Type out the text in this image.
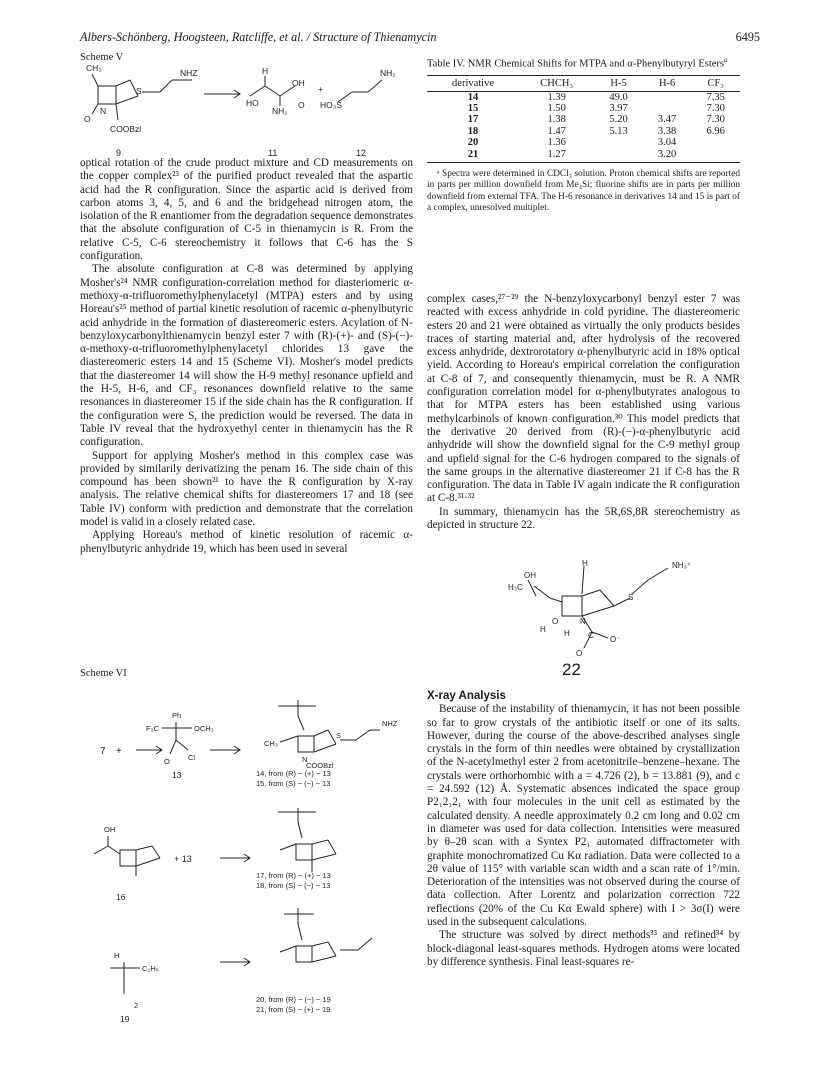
Albers-Schönberg, Hoogsteen, Ratcliffe, et al. / Structure of Thienamycin	6495
Scheme V
CH₃	NHZ
S
N
COOBzl
O
H
OH
HO
NH₂
O
+
HO₃S
NH₂
9	11	12

optical rotation of the crude product mixture and CD measurements on the copper complex²³ of the purified product revealed that the aspartic acid had the R configuration. Since the aspartic acid is derived from carbon atoms 3, 4, 5, and 6 and the bridgehead nitrogen atom, the isolation of the R enantiomer from the degradation sequence demonstrates that the absolute configuration of C-5 in thienamycin is R. From the relative C-5, C-6 stereochemistry it follows that C-6 has the S configuration.

The absolute configuration at C-8 was determined by applying Mosher's²⁴ NMR configuration-correlation method for diasteriomeric α-methoxy-α-trifluoromethylphenylacetyl (MTPA) esters and by using Horeau's²⁵ method of partial kinetic resolution of racemic α-phenylbutyric acid anhydride in the formation of diastereomeric esters. Acylation of N-benzyloxycarbonylthienamycin benzyl ester 7 with (R)-(+)- and (S)-(−)-α-methoxy-α-trifluoromethylphenylacetyl chlorides 13 gave the diastereomeric esters 14 and 15 (Scheme VI). Mosher's model predicts that the diastereomer 14 will show the H-9 methyl resonance upfield and the H-5, H-6, and CF₃ resonances downfield relative to the same resonances in diastereomer 15 if the side chain has the R configuration. If the configuration were S, the prediction would be reversed. The data in Table IV reveal that the hydroxyethyl center in thienamycin has the R configuration.

Support for applying Mosher's method in this complex case was provided by similarily derivatizing the penam 16. The side chain of this compound has been shown²¹ to have the R configuration by X-ray analysis. The relative chemical shifts for diastereomers 17 and 18 (see Table IV) conform with prediction and demonstrate that the correlation model is valid in a closely related case.

Applying Horeau's method of kinetic resolution of racemic α-phenylbutyric anhydride 19, which has been used in several

Scheme VI
7 +
Ph
F₃C	OCH₃
O Cl
13	14, from (R) − (+) − 13
15, from (S) − (−) − 13
CH₃
S
NHZ
N
COOBzl
OH
16
+ 13
17, from (R) − (+) − 13
18, from (S) − (−) − 13
H
C₂H₅
19
20, from (R) − (−) − 19
21, from (S) − (+) − 19
2
Table IV. NMR Chemical Shifts for MTPA and α-Phenylbutyryl Esters$^a$
derivative	CHCH₃	H-5	H-6	CF₃
14	1.39	49.0		7.35
15	1.50	3.97		7.30
17	1.38	5.20	3.47	7.30
18	1.47	5.13	3.38	6.96
20	1.36		3.04	
21	1.27		3.20	
ᵃ Spectra were determined in CDCl₃ solution. Proton chemical shifts are reported in parts per million downfield from Me₄Si; fluorine shifts are in parts per million downfield from external TFA. The H-6 resonance in derivatives 14 and 15 is part of a complex, unresolved multiplet.

complex cases,²⁷⁻²⁹ the N-benzyloxycarbonyl benzyl ester 7 was reacted with excess anhydride in cold pyridine. The diastereomeric esters 20 and 21 were obtained as virtually the only products besides traces of starting material and, after hydrolysis of the recovered excess anhydride, dextrorotatory α-phenylbutyric acid in 18% optical yield. According to Horeau's empirical correlation the configuration at C-8 of 7, and consequently thienamycin, must be R. A NMR configuration correlation model for α-phenylbutyrates analogous to that for MTPA esters has been established using various methylcarbinols of known configuration.³⁰ This model predicts that the derivative 20 derived from (R)-(−)-α-phenylbutyric acid anhydride will show the downfield signal for the C-9 methyl group and upfield signal for the C-6 hydrogen compared to the signals of the same groups in the alternative diastereomer 21 if C-8 has the R configuration. The data in Table IV again indicate the R configuration at C-8.³¹·³²

In summary, thienamycin has the 5R,6S,8R stereochemistry as depicted in structure 22.

H	NH₃⁺
OH
H₃C
S
N
O
H H C
O
O⁻
22

X-ray Analysis

Because of the instability of thienamycin, it has not been possible so far to grow crystals of the antibiotic itself or one of its salts. However, during the course of the above-described analyses single crystals in the form of thin needles were obtained by crystallization of the N-acetylmethyl ester 2 from acetonitrile–benzene–hexane. The crystals were orthorhombic with a = 4.726 (2), b = 13.881 (9), and c = 24.592 (12) Å. Systematic absences indicated the space group P2₁2₁2₁ with four molecules in the unit cell as estimated by the calculated density. A needle approximately 0.2 cm long and 0.02 cm in diameter was used for data collection. Intensities were measured by θ–2θ scan with a Syntex P2₁ automated diffractometer with graphite monochromatized Cu Kα radiation. Data were collected to a 2θ value of 115° with variable scan width and a scan rate of 1°/min. Deterioration of the intensities was not observed during the course of data collection. After Lorentz and polarization correction 722 reflections (20% of the Cu Kα Ewald sphere) with I > 3σ(I) were used in the subsequent calculations.

The structure was solved by direct methods³³ and refined³⁴ by block-diagonal least-squares methods. Hydrogen atoms were located by difference synthesis. Final least-squares re-
